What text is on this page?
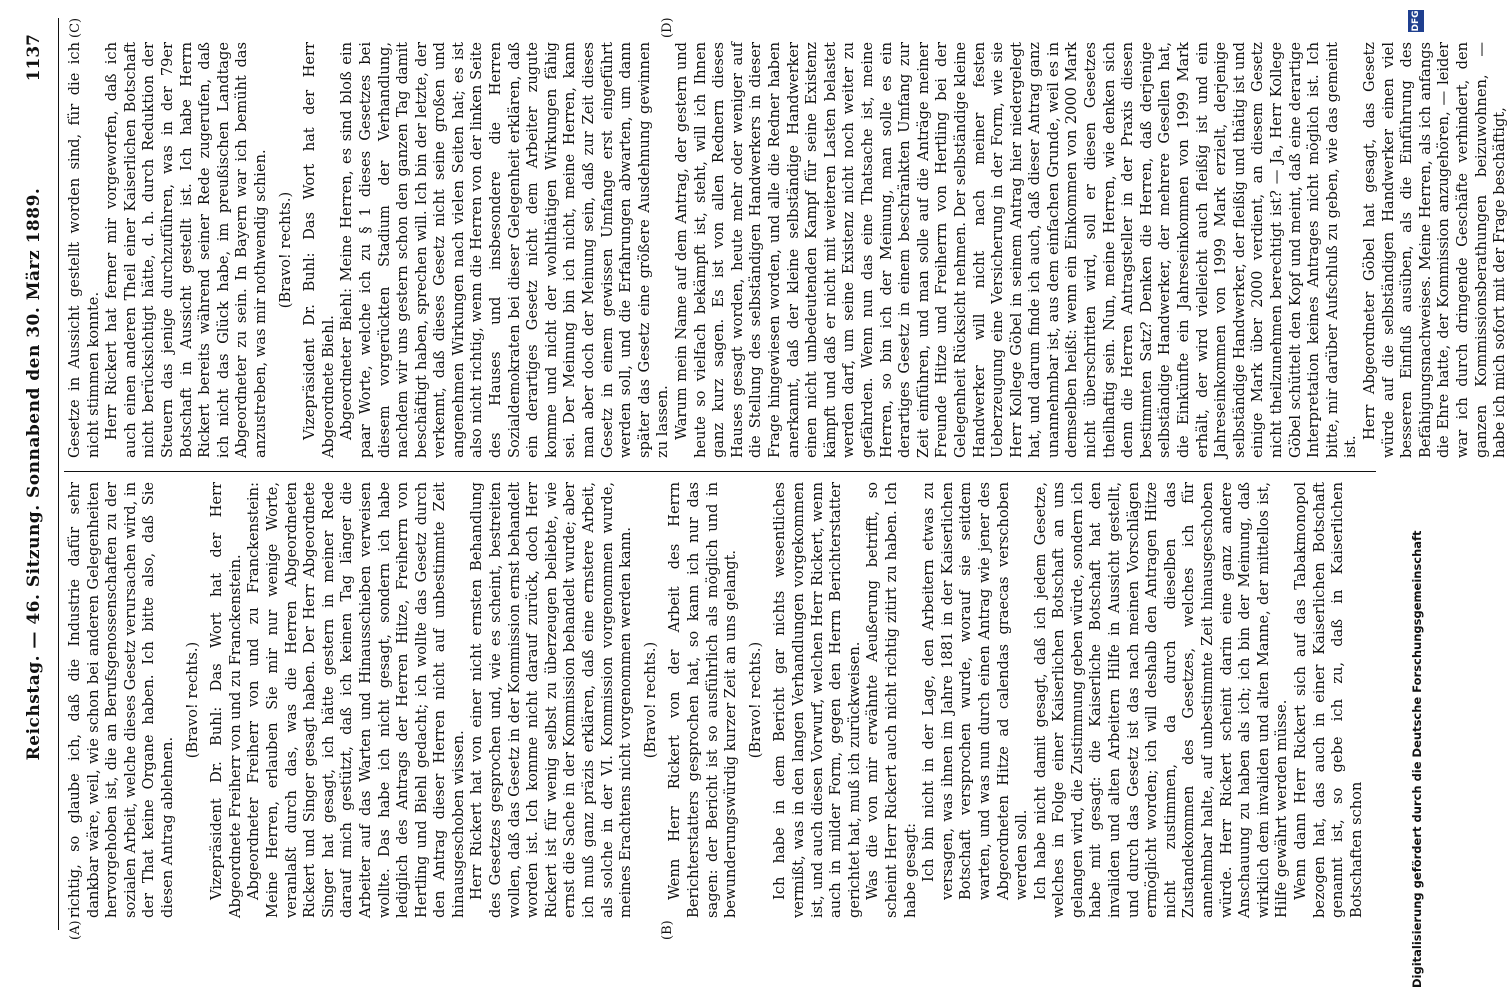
Reichstag. — 46. Sitzung. Sonnabend den 30. März 1889.
1137
(A)	(B)
(C)	(D)

richtig, so glaube ich, daß die Industrie dafür sehr dankbar wäre, weil, wie schon bei anderen Gelegenheiten hervorgehoben ist, die an Berufsgenossenschaften zu der sozialen Arbeit, welche dieses Gesetz verursachen wird, in der That keine Organe haben. Ich bitte also, daß Sie diesen Antrag ablehnen.

(Bravo! rechts.) Vizepräsident Dr. Buhl: Das Wort hat der Herr Abgeordnete Freiherr von und zu Franckenstein. Abgeordneter Freiherr von und zu Franckenstein: Meine Herren, erlauben Sie mir nur wenige Worte, veranlaßt durch das, was die Herren Abgeordneten Rickert und Singer gesagt haben. Der Herr Abgeordnete Singer hat gesagt, ich hätte gestern in meiner Rede darauf mich gestützt, daß ich keinen Tag länger die Arbeiter auf das Warten und Hinausschieben verweisen wollte. Das habe ich nicht gesagt, sondern ich habe lediglich des Antrags der Herren Hitze, Freiherrn von Hertling und Biehl gedacht; ich wollte das Gesetz durch den Antrag dieser Herren nicht auf unbestimmte Zeit hinausgeschoben wissen. Herr Rickert hat von einer nicht ernsten Behandlung des Gesetzes gesprochen und, wie es scheint, bestreiten wollen, daß das Gesetz in der Kommission ernst behandelt worden ist. Ich komme nicht darauf zurück, doch Herr Rickert ist für wenig selbst zu überzeugen beliebte, wie ernst die Sache in der Kommission behandelt wurde; aber ich muß ganz präzis erklären, daß eine ernstere Arbeit, als solche in der VI. Kommission vorgenommen wurde, meines Erachtens nicht vorgenommen werden kann. (Bravo! rechts.) Wenn Herr Rickert von der Arbeit des Herrn Berichterstatters gesprochen hat, so kann ich nur das sagen: der Bericht ist so ausführlich als möglich und in bewunderungswürdig kurzer Zeit an uns gelangt. (Bravo! rechts.) Ich habe in dem Bericht gar nichts wesentliches vermißt, was in den langen Verhandlungen vorgekommen ist, und auch diesen Vorwurf, welchen Herr Rickert, wenn auch in milder Form, gegen den Herrn Berichterstatter gerichtet hat, muß ich zurückweisen. Was die von mir erwähnte Aeußerung betrifft, so scheint Herr Rickert auch nicht richtig zitirt zu haben. Ich habe gesagt: Ich bin nicht in der Lage, den Arbeitern etwas zu versagen, was ihnen im Jahre 1881 in der Kaiserlichen Botschaft versprochen wurde, worauf sie seitdem warten, und was nun durch einen Antrag wie jener des Abgeordneten Hitze ad calendas graecas verschoben werden soll. Ich habe nicht damit gesagt, daß ich jedem Gesetze, welches in Folge einer Kaiserlichen Botschaft an uns gelangen wird, die Zustimmung geben würde, sondern ich habe mit gesagt: die Kaiserliche Botschaft hat den invaliden und alten Arbeitern Hilfe in Aussicht gestellt, und durch das Gesetz ist das nach meinen Vorschlägen ermöglicht worden; ich will deshalb den Antragen Hitze nicht zustimmen, da durch dieselben das Zustandekommen des Gesetzes, welches ich für annehmbar halte, auf unbestimmte Zeit hinausgeschoben würde. Herr Rickert scheint darin eine ganz andere Anschauung zu haben als ich; ich bin der Meinung, daß wirklich dem invaliden und alten Manne, der mittellos ist, Hilfe gewährt werden müsse. Wenn dann Herr Rickert sich auf das Tabakmonopol bezogen hat, das auch in einer Kaiserlichen Botschaft genannt ist, so gebe ich zu, daß in Kaiserlichen Botschaften schon

Gesetze in Aussicht gestellt worden sind, für die ich nicht stimmen konnte. Herr Rickert hat ferner mir vorgeworfen, daß ich auch einen anderen Theil einer Kaiserlichen Botschaft nicht berücksichtigt hätte, d. h. durch Reduktion der Steuern das jenige durchzuführen, was in der 79er Botschaft in Aussicht gestellt ist. Ich habe Herrn Rickert bereits während seiner Rede zugerufen, daß ich nicht das Glück habe, im preußischen Landtage Abgeordneter zu sein. In Bayern war ich bemüht das anzustreben, was mir nothwendig schien. (Bravo! rechts.) Vizepräsident Dr. Buhl: Das Wort hat der Herr Abgeordnete Biehl. Abgeordneter Biehl: Meine Herren, es sind bloß ein paar Worte, welche ich zu § 1 dieses Gesetzes bei diesem vorgerückten Stadium der Verhandlung, nachdem wir uns gestern schon den ganzen Tag damit beschäftigt haben, sprechen will. Ich bin der letzte, der verkennt, daß dieses Gesetz nicht seine großen und angenehmen Wirkungen nach vielen Seiten hat; es ist also nicht richtig, wenn die Herren von der linken Seite des Hauses und insbesondere die Herren Sozialdemokraten bei dieser Gelegenheit erklären, daß ein derartiges Gesetz nicht dem Arbeiter zugute komme und nicht der wohlthätigen Wirkungen fähig sei. Der Meinung bin ich nicht, meine Herren, kann man aber doch der Meinung sein, daß zur Zeit dieses Gesetz in einem gewissen Umfange erst eingeführt werden soll, und die Erfahrungen abwarten, um dann später das Gesetz eine größere Ausdehnung gewinnen zu lassen. Warum mein Name auf dem Antrag, der gestern und heute so vielfach bekämpft ist, steht, will ich Ihnen ganz kurz sagen. Es ist von allen Rednern dieses Hauses gesagt worden, heute mehr oder weniger auf die Stellung des selbständigen Handwerkers in dieser Frage hingewiesen worden, und alle die Redner haben anerkannt, daß der kleine selbständige Handwerker einen nicht unbedeutenden Kampf für seine Existenz kämpft und daß er nicht mit weiteren Lasten belastet werden darf, um seine Existenz nicht noch weiter zu gefährden. Wenn nun das eine Thatsache ist, meine Herren, so bin ich der Meinung, man solle es ein derartiges Gesetz in einem beschränkten Umfang zur Zeit einführen, und man solle auf die Anträge meiner Freunde Hitze und Freiherrn von Hertling bei der Gelegenheit Rücksicht nehmen. Der selbständige kleine Handwerker will nicht nach meiner festen Ueberzeugung eine Versicherung in der Form, wie sie Herr Kollege Göbel in seinem Antrag hier niedergelegt hat, und darum finde ich auch, daß dieser Antrag ganz unannehmbar ist, aus dem einfachen Grunde, weil es in demselben heißt: wenn ein Einkommen von 2000 Mark nicht überschritten wird, soll er diesen Gesetzes theilhaftig sein. Nun, meine Herren, wie denken sich denn die Herren Antragsteller in der Praxis diesen bestimmten Satz? Denken die Herren, daß derjenige selbständige Handwerker, der mehrere Gesellen hat, die Einkünfte ein Jahreseinkommen von 1999 Mark erhält, der wird vielleicht auch fleißig ist und ein Jahreseinkommen von 1999 Mark erzielt, derjenige selbständige Handwerker, der fleißig und thätig ist und einige Mark über 2000 verdient, an diesem Gesetz nicht theilzunehmen berechtigt ist? — Ja, Herr Kollege Göbel schüttelt den Kopf und meint, daß eine derartige Interpretation keines Antrages nicht möglich ist. Ich bitte, mir darüber Aufschluß zu geben, wie das gemeint ist.

Herr Abgeordneter Göbel hat gesagt, das Gesetz würde auf die selbständigen Handwerker einen viel besseren Einfluß ausüben, als die Einführung des Befähigungsnachweises. Meine Herren, als ich anfangs die Ehre hatte, der Kommission anzugehören, — leider war ich durch dringende Geschäfte verhindert, den ganzen Kommissionsberathungen beizuwohnen, — habe ich mich sofort mit der Frage beschäftigt,

Digitalisierung gefördert durch die Deutsche Forschungsgemeinschaft
DFG
